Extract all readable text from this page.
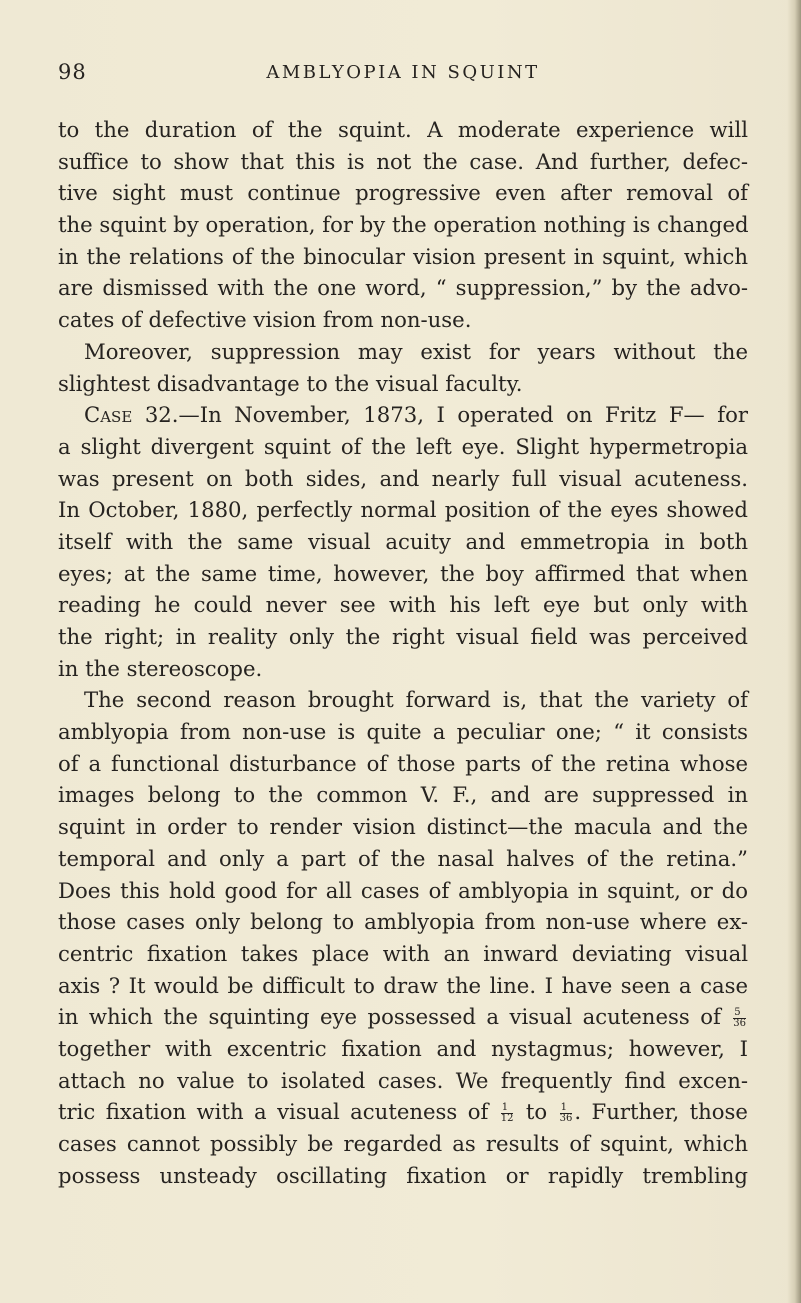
98	AMBLYOPIA IN SQUINT
to the duration of the squint. A moderate experience will
suffice to show that this is not the case. And further, defec-
tive sight must continue progressive even after removal of
the squint by operation, for by the operation nothing is changed
in the relations of the binocular vision present in squint, which
are dismissed with the one word, “ suppression,” by the advo-
cates of defective vision from non-use.
Moreover, suppression may exist for years without the
slightest disadvantage to the visual faculty.
Case 32.—In November, 1873, I operated on Fritz F— for
a slight divergent squint of the left eye. Slight hypermetropia
was present on both sides, and nearly full visual acuteness.
In October, 1880, perfectly normal position of the eyes showed
itself with the same visual acuity and emmetropia in both
eyes; at the same time, however, the boy affirmed that when
reading he could never see with his left eye but only with
the right; in reality only the right visual field was perceived
in the stereoscope.
The second reason brought forward is, that the variety of
amblyopia from non-use is quite a peculiar one; “ it consists
of a functional disturbance of those parts of the retina whose
images belong to the common V. F., and are suppressed in
squint in order to render vision distinct—the macula and the
temporal and only a part of the nasal halves of the retina.”
Does this hold good for all cases of amblyopia in squint, or do
those cases only belong to amblyopia from non-use where ex-
centric fixation takes place with an inward deviating visual
axis ? It would be difficult to draw the line. I have seen a case
in which the squinting eye possessed a visual acuteness of $\frac{5}{36}$
together with excentric fixation and nystagmus; however, I
attach no value to isolated cases. We frequently find excen-
tric fixation with a visual acuteness of $\frac{1}{12}$ to $\frac{1}{36}$ . Further, those
cases cannot possibly be regarded as results of squint, which
possess unsteady oscillating fixation or rapidly trembling
